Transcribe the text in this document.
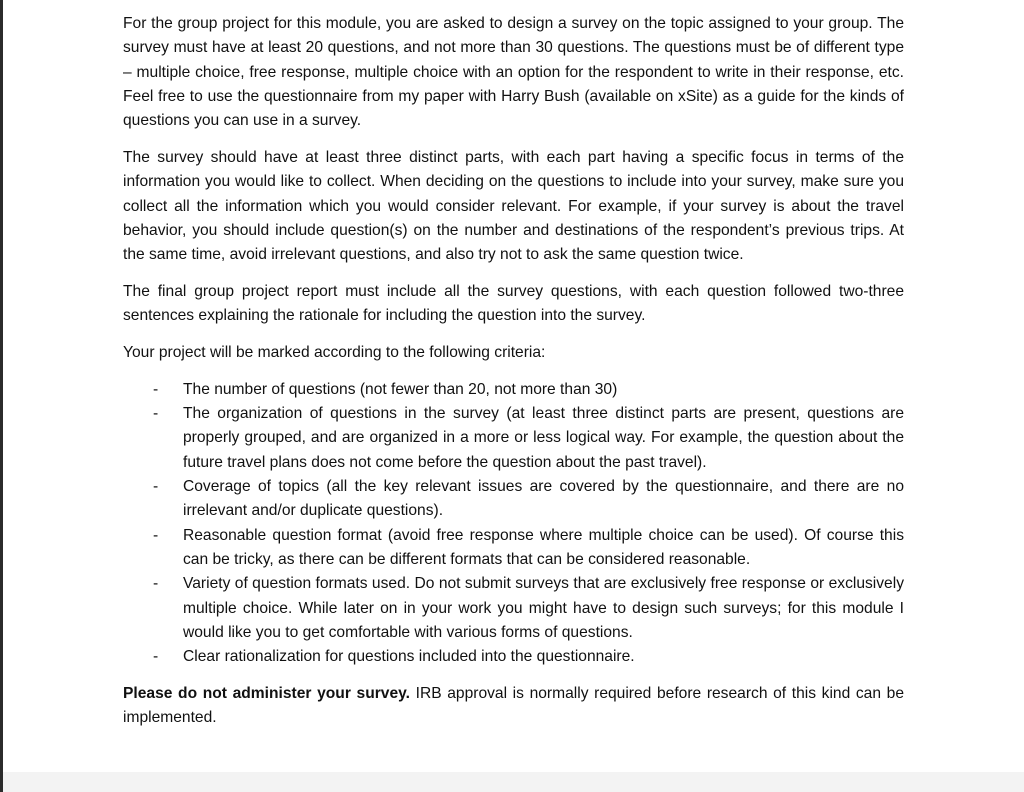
For the group project for this module, you are asked to design a survey on the topic assigned to your group. The survey must have at least 20 questions, and not more than 30 questions. The questions must be of different type – multiple choice, free response, multiple choice with an option for the respondent to write in their response, etc. Feel free to use the questionnaire from my paper with Harry Bush (available on xSite) as a guide for the kinds of questions you can use in a survey.

The survey should have at least three distinct parts, with each part having a specific focus in terms of the information you would like to collect. When deciding on the questions to include into your survey, make sure you collect all the information which you would consider relevant. For example, if your survey is about the travel behavior, you should include question(s) on the number and destinations of the respondent’s previous trips. At the same time, avoid irrelevant questions, and also try not to ask the same question twice.

The final group project report must include all the survey questions, with each question followed two-three sentences explaining the rationale for including the question into the survey.

Your project will be marked according to the following criteria:

- The number of questions (not fewer than 20, not more than 30)
- The organization of questions in the survey (at least three distinct parts are present, questions are properly grouped, and are organized in a more or less logical way. For example, the question about the future travel plans does not come before the question about the past travel).
- Coverage of topics (all the key relevant issues are covered by the questionnaire, and there are no irrelevant and/or duplicate questions).
- Reasonable question format (avoid free response where multiple choice can be used). Of course this can be tricky, as there can be different formats that can be considered reasonable.
- Variety of question formats used. Do not submit surveys that are exclusively free response or exclusively multiple choice. While later on in your work you might have to design such surveys; for this module I would like you to get comfortable with various forms of questions.
- Clear rationalization for questions included into the questionnaire.

Please do not administer your survey. IRB approval is normally required before research of this kind can be implemented.
